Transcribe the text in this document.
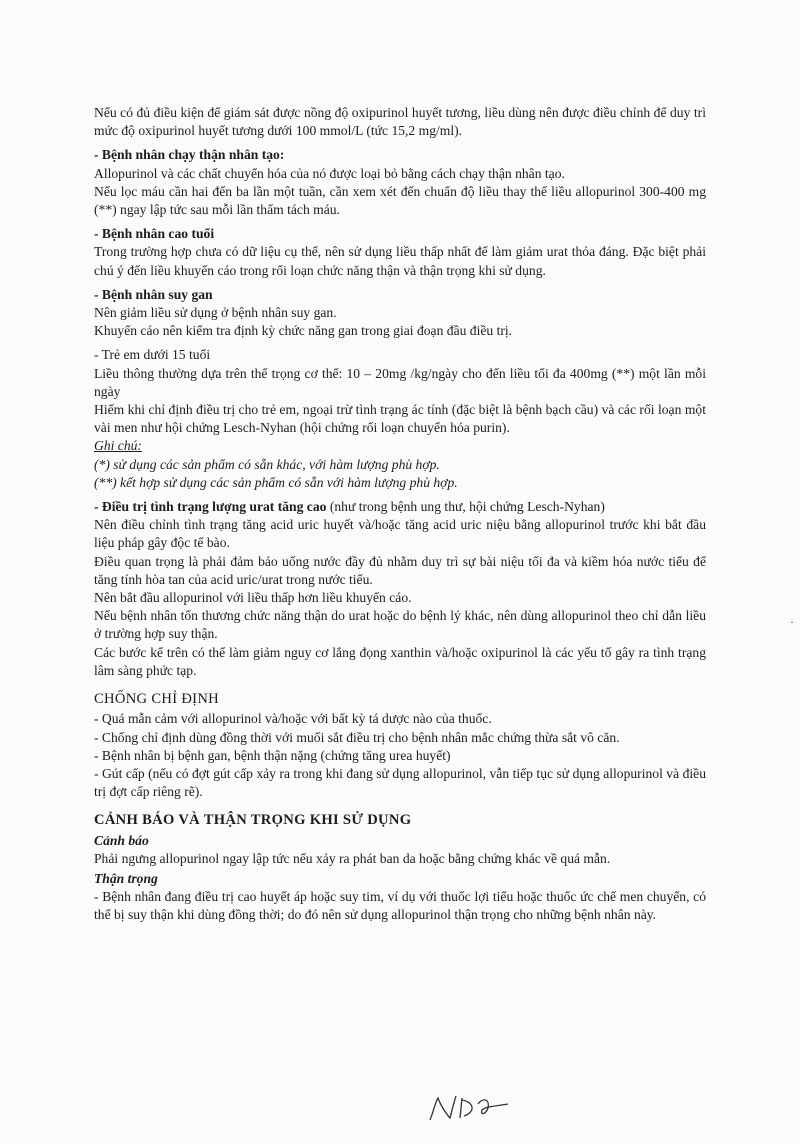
Nếu có đủ điều kiện để giám sát được nồng độ oxipurinol huyết tương, liều dùng nên được điều chỉnh để duy trì mức độ oxipurinol huyết tương dưới 100 mmol/L (tức 15,2 mg/ml).

- Bệnh nhân chạy thận nhân tạo:

Allopurinol và các chất chuyển hóa của nó được loại bỏ bằng cách chạy thận nhân tạo.

Nếu lọc máu cần hai đến ba lần một tuần, cần xem xét đến chuẩn độ liều thay thế liều allopurinol 300-400 mg (**) ngay lập tức sau mỗi lần thẩm tách máu.

- Bệnh nhân cao tuổi

Trong trường hợp chưa có dữ liệu cụ thể, nên sử dụng liều thấp nhất để làm giảm urat thỏa đáng. Đặc biệt phải chú ý đến liều khuyến cáo trong rối loạn chức năng thận và thận trọng khi sử dụng.

- Bệnh nhân suy gan

Nên giảm liều sử dụng ở bệnh nhân suy gan.

Khuyến cáo nên kiểm tra định kỳ chức năng gan trong giai đoạn đầu điều trị.

- Trẻ em dưới 15 tuổi

Liều thông thường dựa trên thể trọng cơ thể: 10 – 20mg /kg/ngày cho đến liều tối đa 400mg (**) một lần mỗi ngày

Hiếm khi chỉ định điều trị cho trẻ em, ngoại trừ tình trạng ác tính (đặc biệt là bệnh bạch cầu) và các rối loạn một vài men như hội chứng Lesch-Nyhan (hội chứng rối loạn chuyển hóa purin).

Ghi chú:

(*) sử dụng các sản phẩm có sẵn khác, với hàm lượng phù hợp.

(**) kết hợp sử dụng các sản phẩm có sẵn với hàm lượng phù hợp.

- Điều trị tình trạng lượng urat tăng cao (như trong bệnh ung thư, hội chứng Lesch-Nyhan)

Nên điều chỉnh tình trạng tăng acid uric huyết và/hoặc tăng acid uric niệu bằng allopurinol trước khi bắt đầu liệu pháp gây độc tế bào.

Điều quan trọng là phải đảm bảo uống nước đầy đủ nhằm duy trì sự bài niệu tối đa và kiềm hóa nước tiểu để tăng tính hòa tan của acid uric/urat trong nước tiểu.

Nên bắt đầu allopurinol với liều thấp hơn liều khuyến cáo.

Nếu bệnh nhân tổn thương chức năng thận do urat hoặc do bệnh lý khác, nên dùng allopurinol theo chỉ dẫn liều ở trường hợp suy thận.

Các bước kể trên có thể làm giảm nguy cơ lắng đọng xanthin và/hoặc oxipurinol là các yếu tố gây ra tình trạng lâm sàng phức tạp.

CHỐNG CHỈ ĐỊNH

- Quá mẫn cảm với allopurinol và/hoặc với bất kỳ tá dược nào của thuốc.

- Chống chỉ định dùng đồng thời với muối sắt điều trị cho bệnh nhân mắc chứng thừa sắt vô căn.

- Bệnh nhân bị bệnh gan, bệnh thận nặng (chứng tăng urea huyết)

- Gút cấp (nếu có đợt gút cấp xảy ra trong khi đang sử dụng allopurinol, vẫn tiếp tục sử dụng allopurinol và điều trị đợt cấp riêng rẽ).

CẢNH BÁO VÀ THẬN TRỌNG KHI SỬ DỤNG

Cảnh báo

Phải ngưng allopurinol ngay lập tức nếu xảy ra phát ban da hoặc bằng chứng khác về quá mẫn.

Thận trọng

- Bệnh nhân đang điều trị cao huyết áp hoặc suy tim, ví dụ với thuốc lợi tiểu hoặc thuốc ức chế men chuyển, có thể bị suy thận khi dùng đồng thời; do đó nên sử dụng allopurinol thận trọng cho những bệnh nhân này.

·
